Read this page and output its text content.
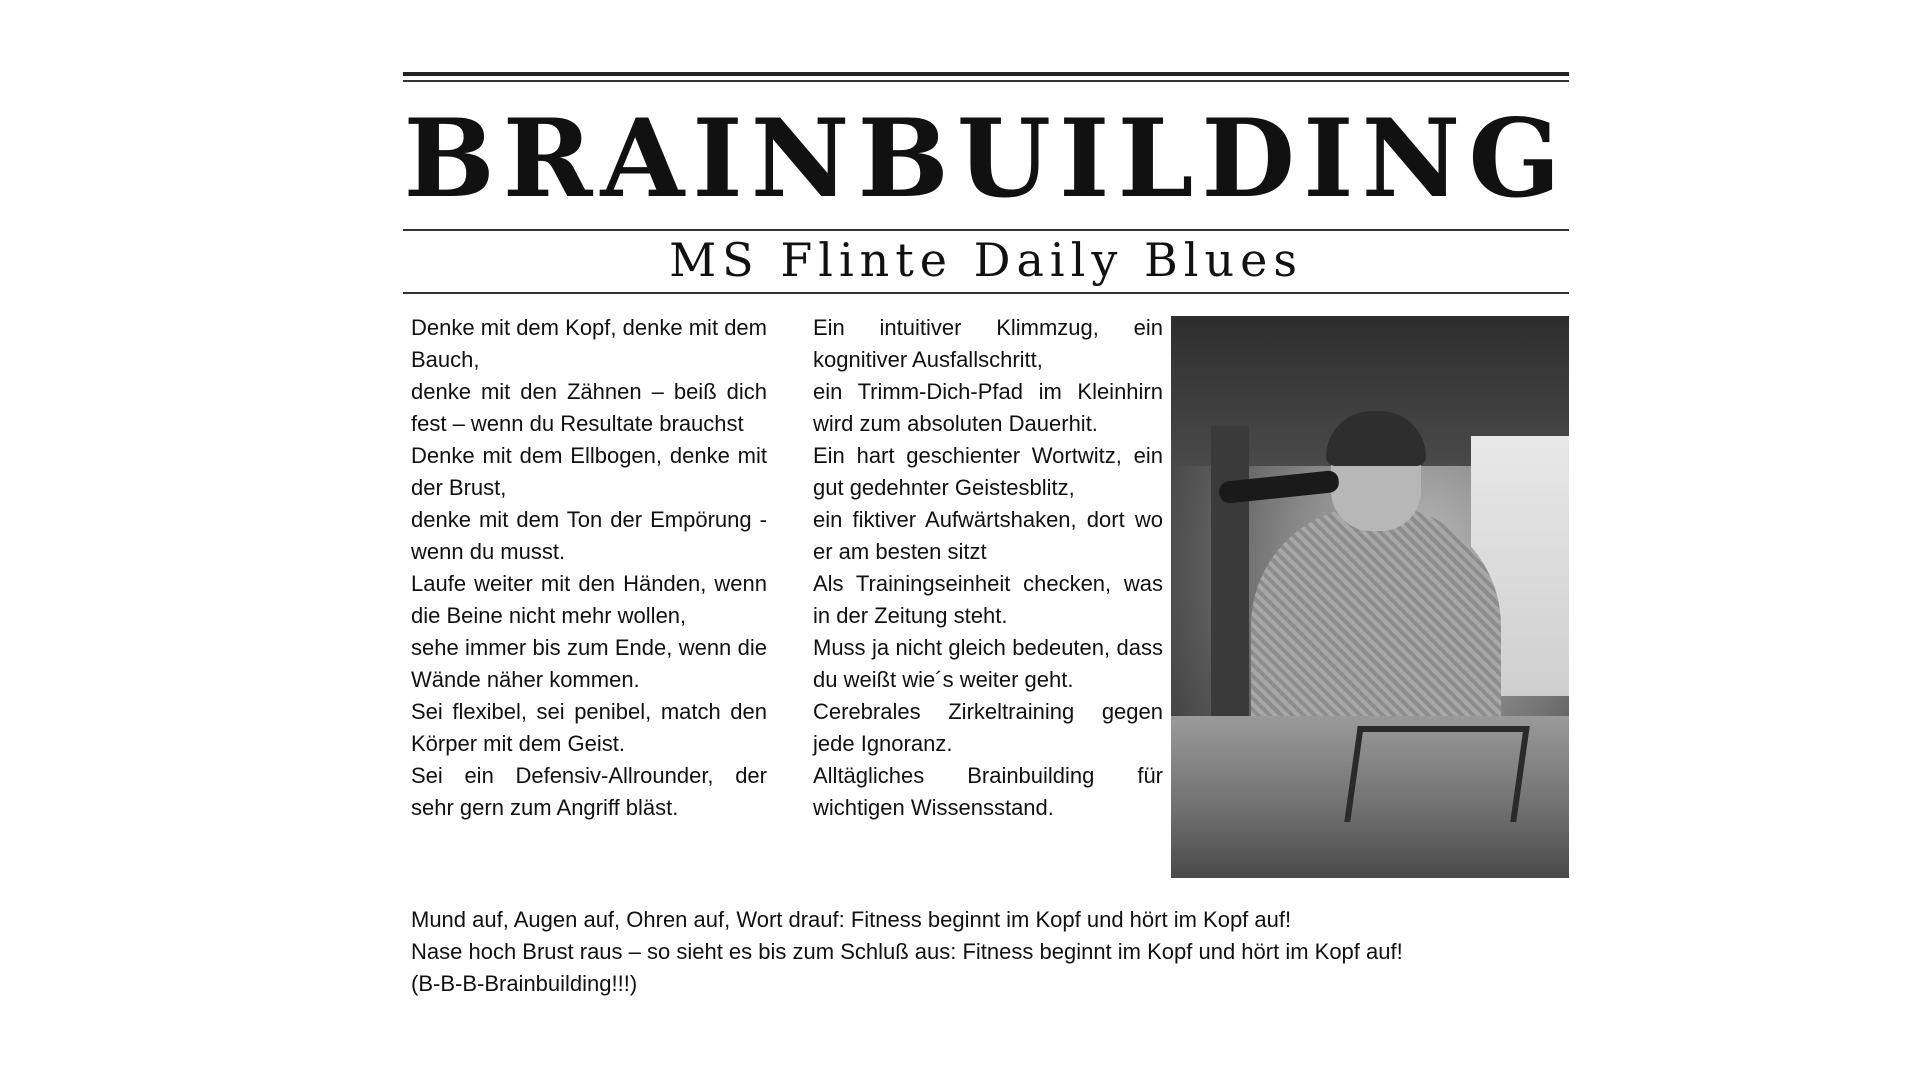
BRAINBUILDING
MS Flinte Daily Blues

Denke mit dem Kopf, denke mit dem Bauch,

denke mit den Zähnen – beiß dich fest – wenn du Resultate brauchst

Denke mit dem Ellbogen, denke mit der Brust,

denke mit dem Ton der Empörung - wenn du musst.

Laufe weiter mit den Händen, wenn die Beine nicht mehr wollen,

sehe immer bis zum Ende, wenn die Wände näher kommen.

Sei flexibel, sei penibel, match den Körper mit dem Geist.

Sei ein Defensiv-Allrounder, der sehr gern zum Angriff bläst.

Ein intuitiver Klimmzug, ein kognitiver Ausfallschritt,

ein Trimm-Dich-Pfad im Kleinhirn wird zum absoluten Dauerhit.

Ein hart geschienter Wortwitz, ein gut gedehnter Geistesblitz,

ein fiktiver Aufwärtshaken, dort wo er am besten sitzt

Als Trainingseinheit checken, was in der Zeitung steht.

Muss ja nicht gleich bedeuten, dass du weißt wie´s weiter geht.

Cerebrales Zirkeltraining gegen jede Ignoranz.

Alltägliches Brainbuilding für wichtigen Wissensstand.

Mund auf, Augen auf, Ohren auf, Wort drauf: Fitness beginnt im Kopf und hört im Kopf auf!

Nase hoch Brust raus – so sieht es bis zum Schluß aus: Fitness beginnt im Kopf und hört im Kopf auf!

(B-B-B-Brainbuilding!!!)
